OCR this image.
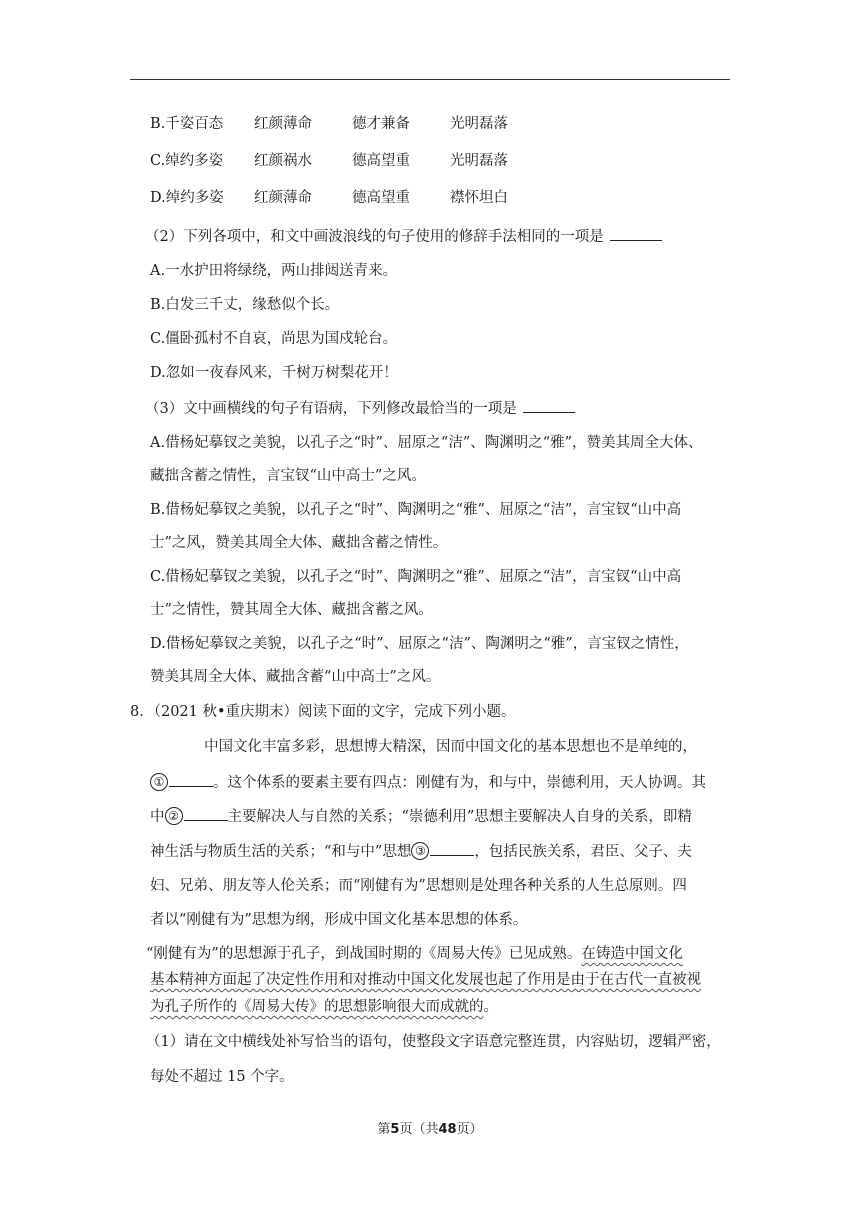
B.千姿百态 红颜薄命	德才兼备	光明磊落
C.绰约多姿 红颜祸水	德高望重	光明磊落
D.绰约多姿 红颜薄命	德高望重	襟怀坦白
（2）下列各项中，和文中画波浪线的句子使用的修辞手法相同的一项是
A.一水护田将绿绕，两山排闼送青来。
B.白发三千丈，缘愁似个长。
C.僵卧孤村不自哀，尚思为国戍轮台。
D.忽如一夜春风来，千树万树梨花开！
（3）文中画横线的句子有语病，下列修改最恰当的一项是
A.借杨妃摹钗之美貌，以孔子之“时”、屈原之“洁”、陶渊明之“雅”，赞美其周全大体、
藏拙含蓄之情性，言宝钗“山中高士”之风。
B.借杨妃摹钗之美貌，以孔子之“时”、陶渊明之“雅”、屈原之“洁”，言宝钗“山中高
士”之风，赞美其周全大体、藏拙含蓄之情性。
C.借杨妃摹钗之美貌，以孔子之“时”、陶渊明之“雅”、屈原之“洁”，言宝钗“山中高
士”之情性，赞其周全大体、藏拙含蓄之风。
D.借杨妃摹钗之美貌，以孔子之“时”、屈原之“洁”、陶渊明之“雅”，言宝钗之情性，
赞美其周全大体、藏拙含蓄“山中高士”之风。
8．（2021 秋•重庆期末）阅读下面的文字，完成下列小题。
中国文化丰富多彩，思想博大精深，因而中国文化的基本思想也不是单纯的，
①	。这个体系的要素主要有四点：刚健有为，和与中，崇德利用，天人协调。其
中 ②	主要解决人与自然的关系；“崇德利用”思想主要解决人自身的关系，即精
神生活与物质生活的关系；“和与中”思想 ③	，包括民族关系，君臣、父子、夫
妇、兄弟、朋友等人伦关系；而“刚健有为”思想则是处理各种关系的人生总原则。四
者以“刚健有为”思想为纲，形成中国文化基本思想的体系。
“刚健有为”的思想源于孔子，到战国时期的《周易大传》已见成熟。在铸造中国文化
基本精神方面起了决定性作用和对推动中国文化发展也起了作用是由于在古代一直被视
为孔子所作的《周易大传》的思想影响很大而成就的。
（1）请在文中横线处补写恰当的语句，使整段文字语意完整连贯，内容贴切，逻辑严密，
每处不超过 15 个字。
第5页（共48页）
